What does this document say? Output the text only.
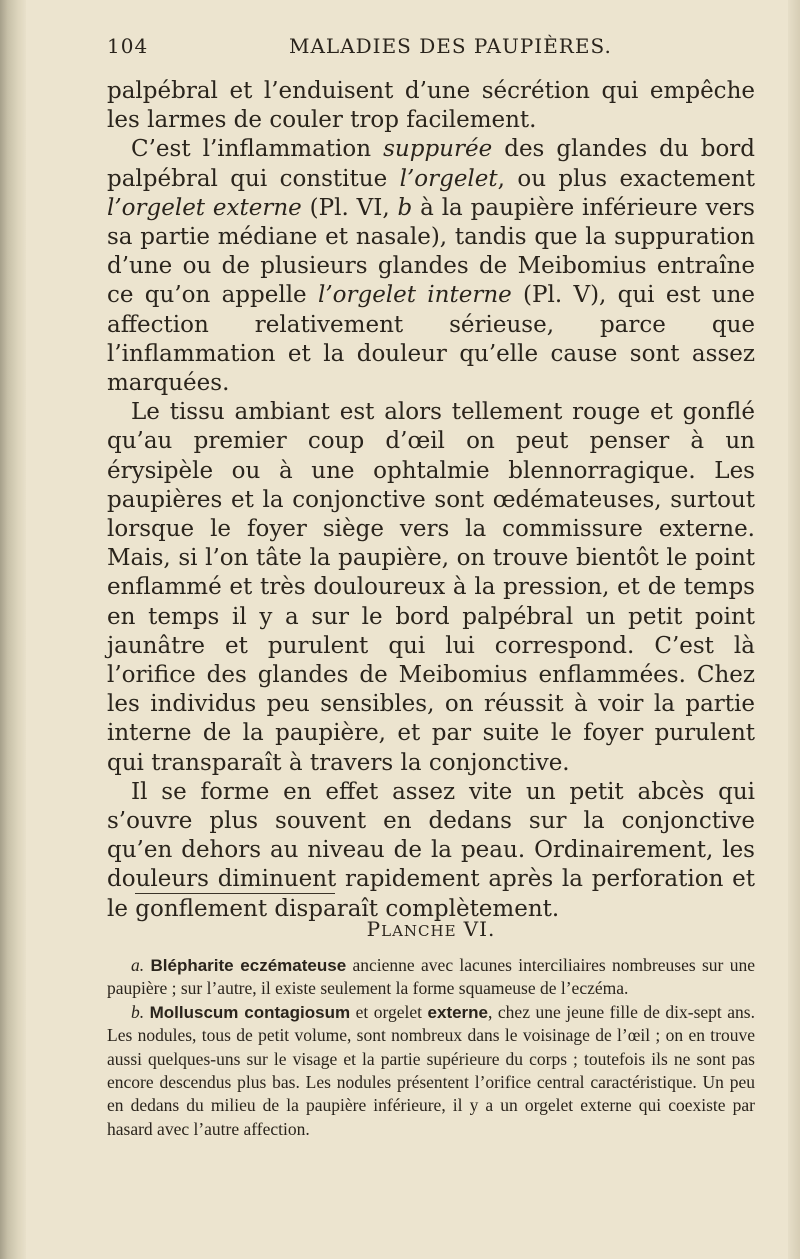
104	MALADIES DES PAUPIÈRES.

palpébral et l’enduisent d’une sécrétion qui empêche les larmes de couler trop facilement.

C’est l’inflammation suppurée des glandes du bord palpébral qui constitue l’orgelet, ou plus exactement l’orgelet externe (Pl. VI, b à la paupière inférieure vers sa partie médiane et nasale), tandis que la suppuration d’une ou de plusieurs glandes de Meibomius entraîne ce qu’on appelle l’orgelet interne (Pl. V), qui est une affection relativement sérieuse, parce que l’inflammation et la douleur qu’elle cause sont assez marquées.

Le tissu ambiant est alors tellement rouge et gonflé qu’au premier coup d’œil on peut penser à un érysipèle ou à une ophtalmie blennorragique. Les paupières et la conjonctive sont œdémateuses, surtout lorsque le foyer siège vers la commissure externe. Mais, si l’on tâte la paupière, on trouve bientôt le point enflammé et très douloureux à la pression, et de temps en temps il y a sur le bord palpébral un petit point jaunâtre et purulent qui lui correspond. C’est là l’orifice des glandes de Meibomius enflammées. Chez les individus peu sensibles, on réussit à voir la partie interne de la paupière, et par suite le foyer purulent qui transparaît à travers la conjonctive.

Il se forme en effet assez vite un petit abcès qui s’ouvre plus souvent en dedans sur la conjonctive qu’en dehors au niveau de la peau. Ordinairement, les douleurs diminuent rapidement après la perforation et le gonflement disparaît complètement.

PLANCHE VI.

a. Blépharite eczémateuse ancienne avec lacunes interciliaires nombreuses sur une paupière ; sur l’autre, il existe seulement la forme squameuse de l’eczéma.

b. Molluscum contagiosum et orgelet externe, chez une jeune fille de dix-sept ans. Les nodules, tous de petit volume, sont nombreux dans le voisinage de l’œil ; on en trouve aussi quelques-uns sur le visage et la partie supérieure du corps ; toutefois ils ne sont pas encore descendus plus bas. Les nodules présentent l’orifice central caractéristique. Un peu en dedans du milieu de la paupière inférieure, il y a un orgelet externe qui coexiste par hasard avec l’autre affection.
